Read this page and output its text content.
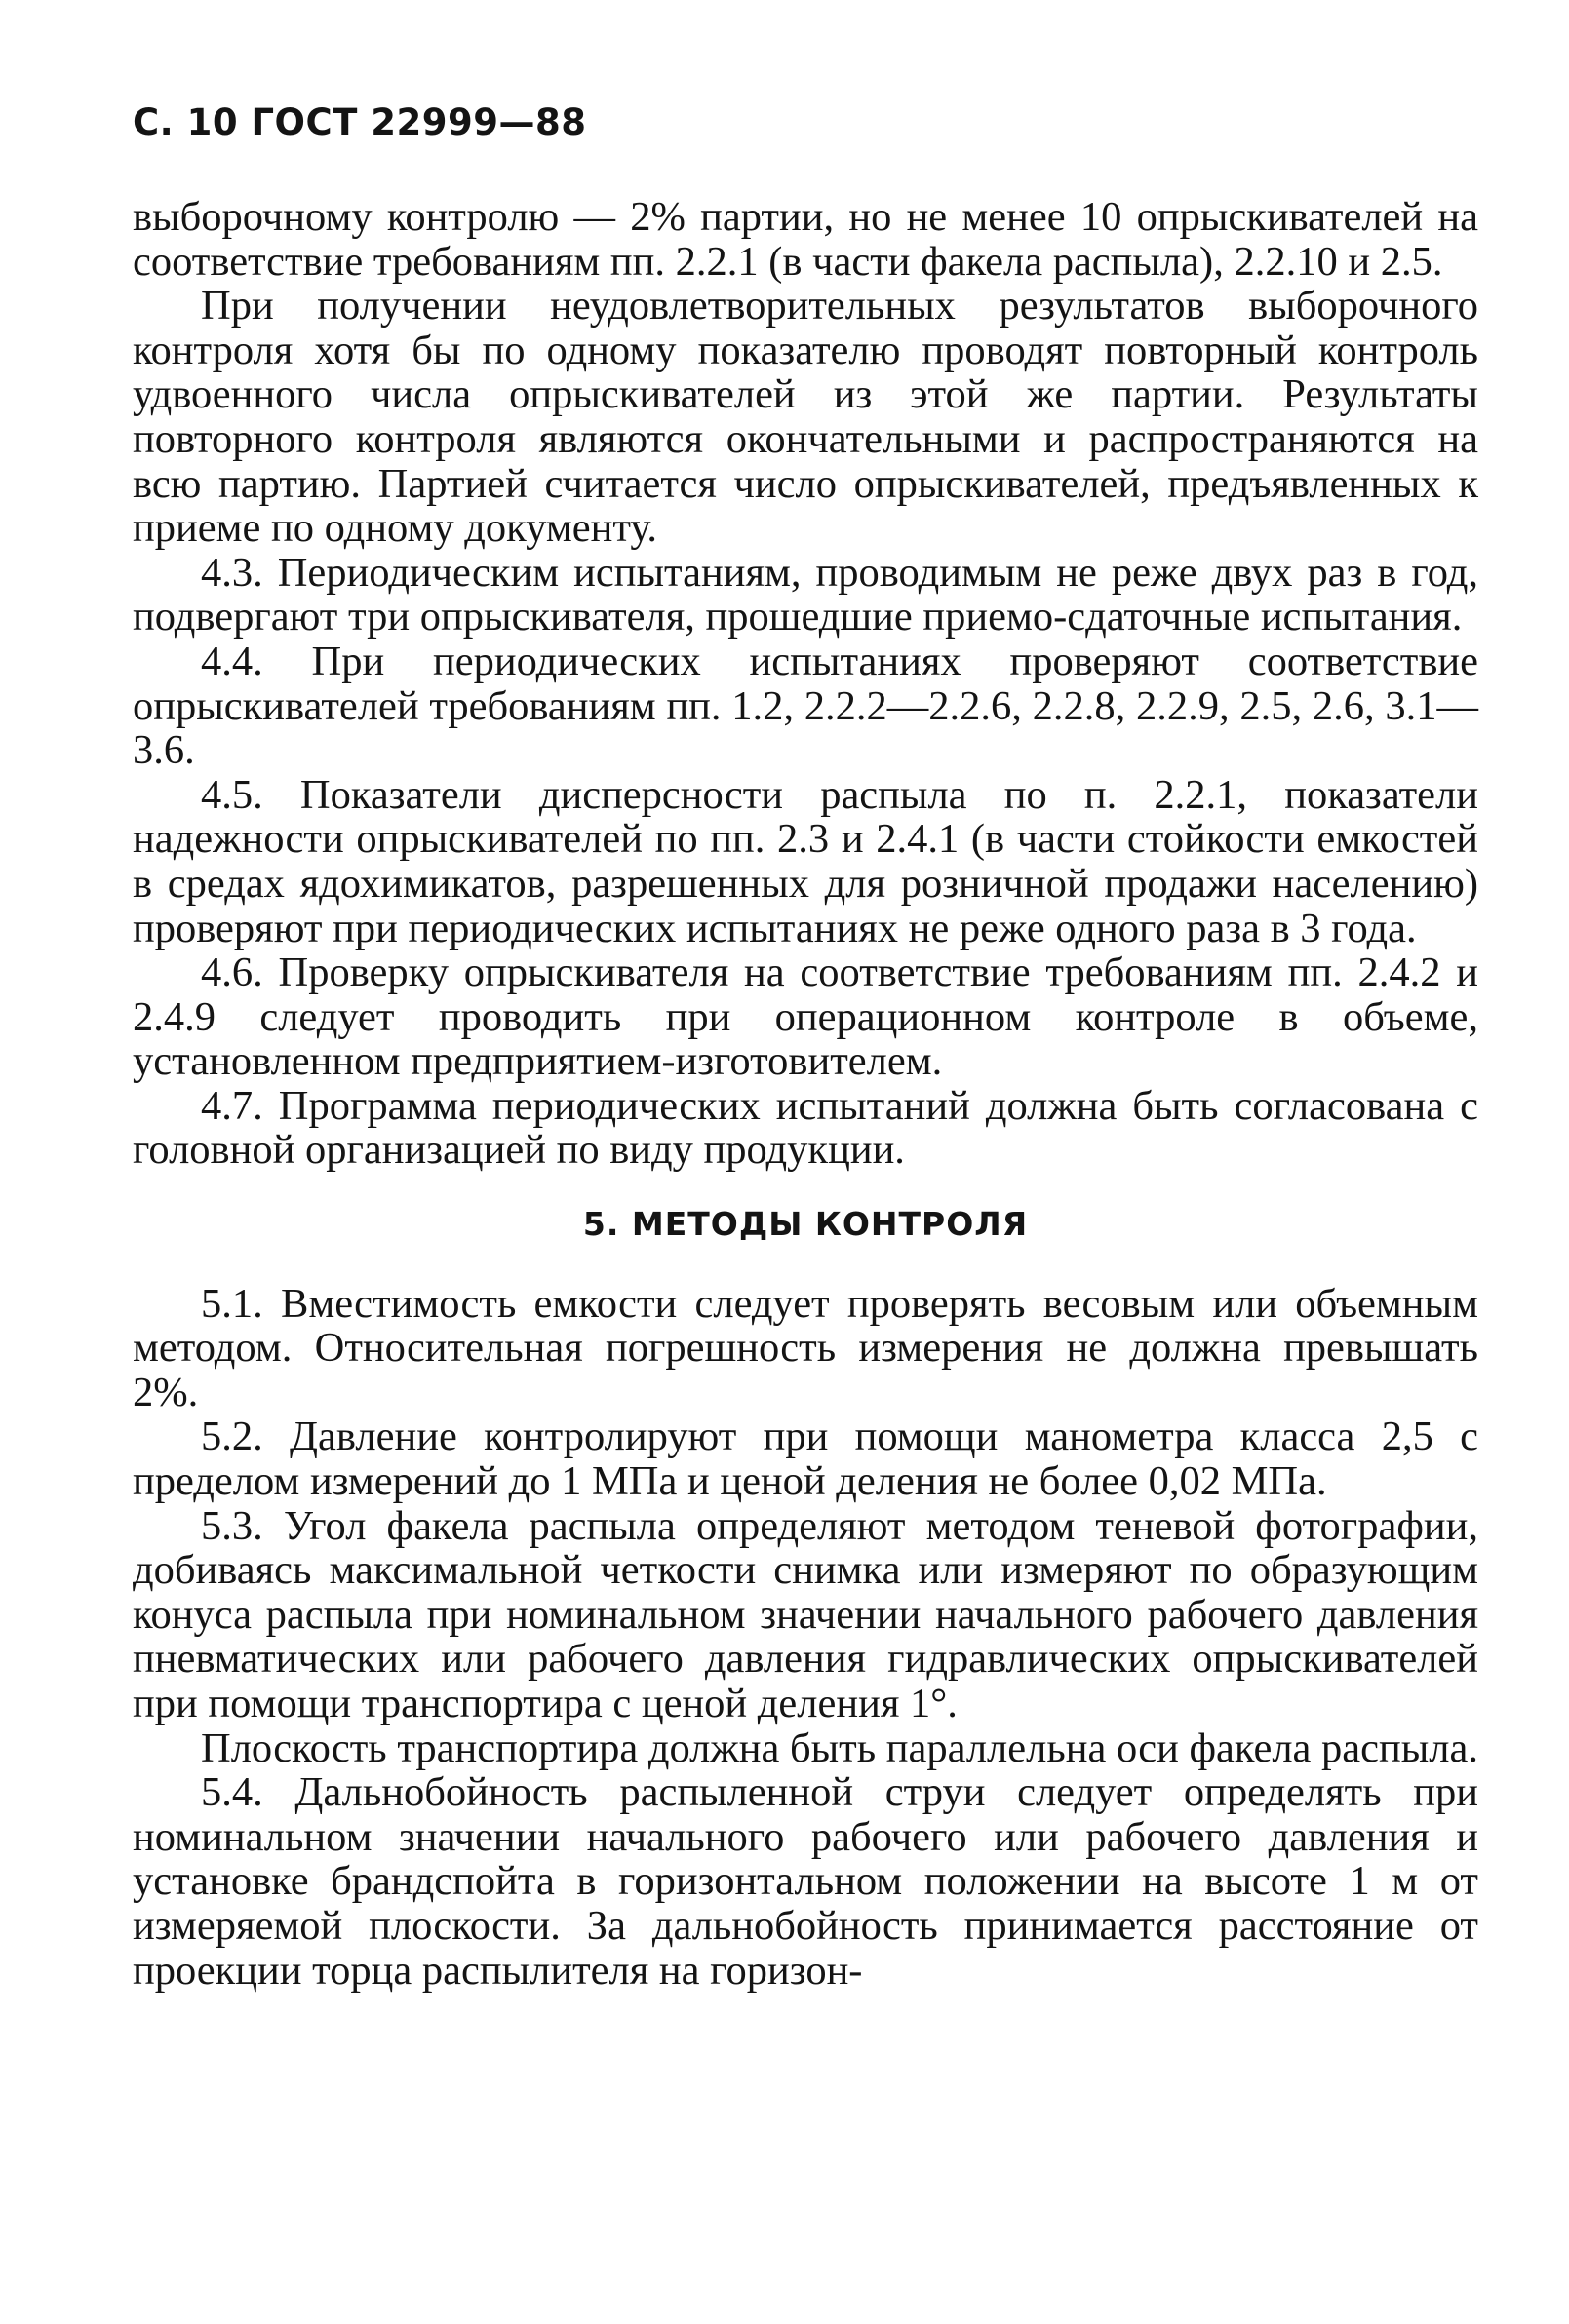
С. 10 ГОСТ 22999—88

выборочному контролю — 2% партии, но не менее 10 опрыскивателей на соответствие требованиям пп. 2.2.1 (в части факела распыла), 2.2.10 и 2.5.

При получении неудовлетворительных результатов выборочного контроля хотя бы по одному показателю проводят повторный контроль удвоенного числа опрыскивателей из этой же партии. Результаты повторного контроля являются окончательными и распространяются на всю партию. Партией считается число опрыскивателей, предъявленных к приеме по одному документу.

4.3. Периодическим испытаниям, проводимым не реже двух раз в год, подвергают три опрыскивателя, прошедшие приемо-сдаточные испытания.

4.4. При периодических испытаниях проверяют соответствие опрыскивателей требованиям пп. 1.2, 2.2.2—2.2.6, 2.2.8, 2.2.9, 2.5, 2.6, 3.1—3.6.

4.5. Показатели дисперсности распыла по п. 2.2.1, показатели надежности опрыскивателей по пп. 2.3 и 2.4.1 (в части стойкости емкостей в средах ядохимикатов, разрешенных для розничной продажи населению) проверяют при периодических испытаниях не реже одного раза в 3 года.

4.6. Проверку опрыскивателя на соответствие требованиям пп. 2.4.2 и 2.4.9 следует проводить при операционном контроле в объеме, установленном предприятием-изготовителем.

4.7. Программа периодических испытаний должна быть согласована с головной организацией по виду продукции.

5. МЕТОДЫ КОНТРОЛЯ

5.1. Вместимость емкости следует проверять весовым или объемным методом. Относительная погрешность измерения не должна превышать 2%.

5.2. Давление контролируют при помощи манометра класса 2,5 с пределом измерений до 1 МПа и ценой деления не более 0,02 МПа.

5.3. Угол факела распыла определяют методом теневой фотографии, добиваясь максимальной четкости снимка или измеряют по образующим конуса распыла при номинальном значении начального рабочего давления пневматических или рабочего давления гидравлических опрыскивателей при помощи транспортира с ценой деления 1°.

Плоскость транспортира должна быть параллельна оси факела распыла.

5.4. Дальнобойность распыленной струи следует определять при номинальном значении начального рабочего или рабочего давления и установке брандспойта в горизонтальном положении на высоте 1 м от измеряемой плоскости. За дальнобойность принимается расстояние от проекции торца распылителя на горизон-
